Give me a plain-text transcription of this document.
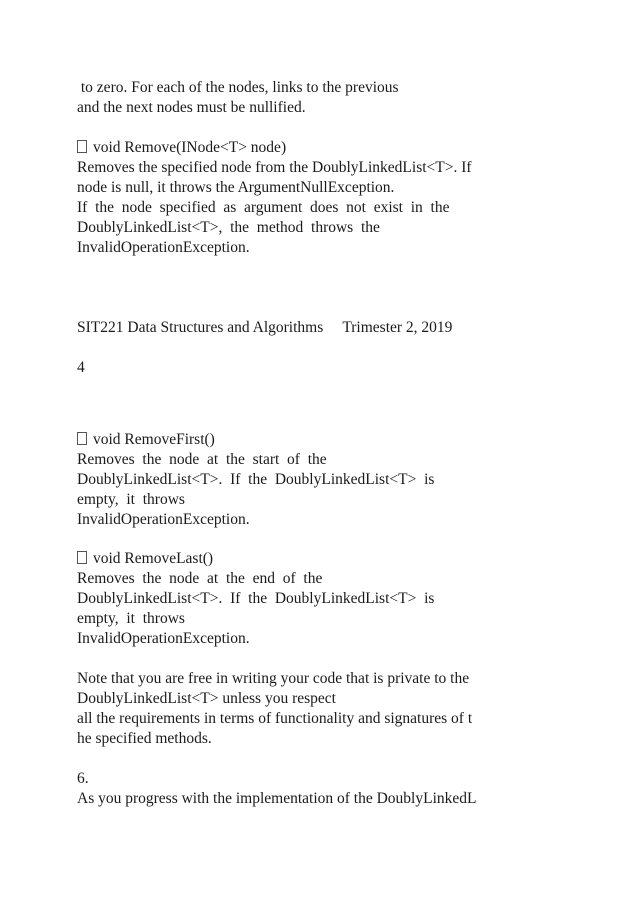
to zero. For each of the nodes, links to the previous
and the next nodes must be nullified.
void Remove(INode<T> node)
Removes the specified node from the DoublyLinkedList<T>. If
node is null, it throws the ArgumentNullException.
If  the  node  specified  as  argument  does  not  exist  in  the
DoublyLinkedList<T>,  the  method  throws  the
InvalidOperationException.
SIT221 Data Structures and Algorithms     Trimester 2, 2019
4
void RemoveFirst()
Removes  the  node  at  the  start  of  the
DoublyLinkedList<T>.  If  the  DoublyLinkedList<T>  is
empty,  it  throws
InvalidOperationException.
void RemoveLast()
Removes  the  node  at  the  end  of  the
DoublyLinkedList<T>.  If  the  DoublyLinkedList<T>  is
empty,  it  throws
InvalidOperationException.
Note that you are free in writing your code that is private to the
DoublyLinkedList<T> unless you respect
all the requirements in terms of functionality and signatures of t
he specified methods.
6.
As you progress with the implementation of the DoublyLinkedL
